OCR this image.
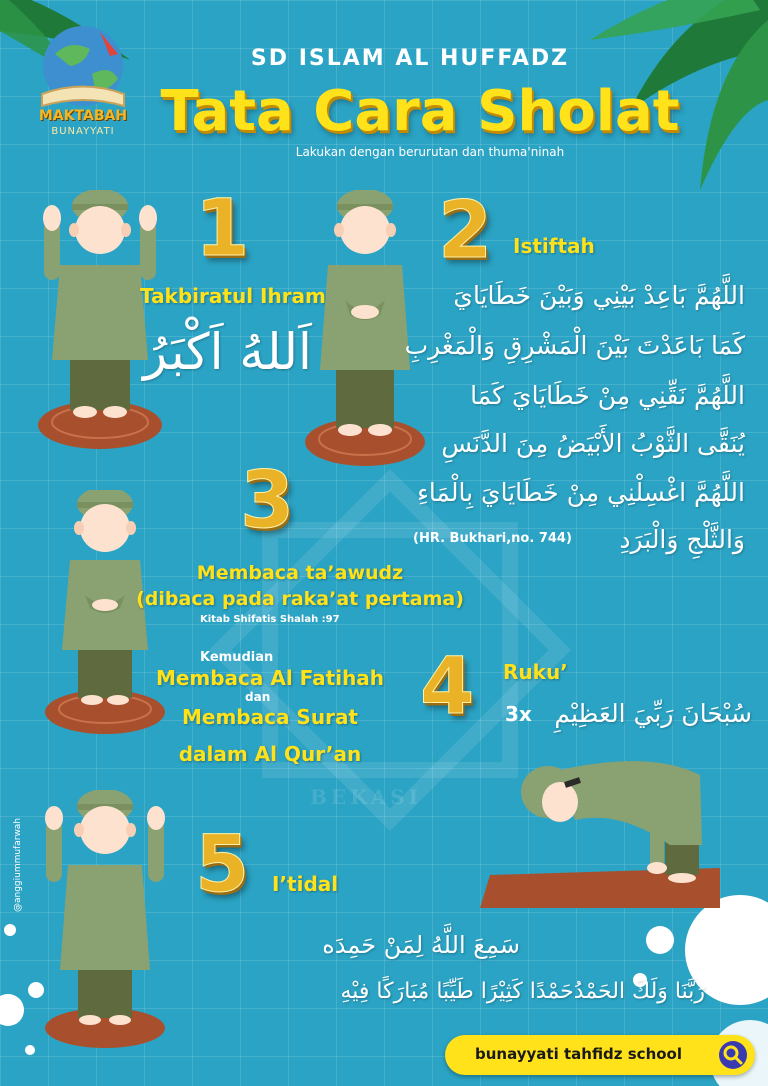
BEKASI
MAKTABAH
BUNAYYATI
SD ISLAM AL HUFFADZ
Tata Cara Sholat
Lakukan dengan berurutan dan thuma'ninah
1
Takbiratul Ihram
اَللهُ اَكْبَرُ
2 Istiftah
اللَّهُمَّ بَاعِدْ بَيْنِي وَبَيْنَ خَطَايَايَ
كَمَا بَاعَدْتَ بَيْنَ الْمَشْرِقِ وَالْمَغْرِبِ
اللَّهُمَّ نَقِّنِي مِنْ خَطَايَايَ كَمَا
يُنَقَّى الثَّوْبُ الأَبْيَضُ مِنَ الدَّنَسِ
اللَّهُمَّ اغْسِلْنِي مِنْ خَطَايَايَ بِالْمَاءِ
وَالثَّلْجِ وَالْبَرَدِ
(HR. Bukhari,no. 744)
3
Membaca ta’awudz
(dibaca pada raka’at pertama)
Kitab Shifatis Shalah :97
Kemudian
Membaca Al Fatihah
dan
Membaca Surat
dalam Al Qur’an
4 Ruku’
3x سُبْحَانَ رَبِّيَ العَظِيْمِ
5 I’tidal
سَمِعَ اللَّهُ لِمَنْ حَمِدَه
رَبَّنَا وَلَكَ الحَمْدُحَمْدًا كَثِيْرًا طَيِّبًا مُبَارَكًا فِيْهِ
@anggiummufarwah
bunayyati tahfidz school
